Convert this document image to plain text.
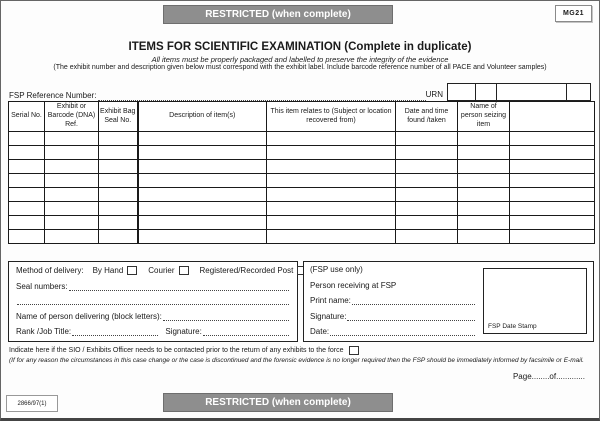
RESTRICTED (when complete)	MG21
ITEMS FOR SCIENTIFIC EXAMINATION (Complete in duplicate)
All items must be properly packaged and labelled to preserve the integrity of the evidence
(The exhibit number and description given below must correspond with the exhibit label. Include barcode reference number of all PACE and Volunteer samples)
FSP Reference Number:	URN
Serial No.	Exhibit or Barcode (DNA) Ref.	Exhibit Bag Seal No.	Description of item(s)	This item relates to (Subject or location recovered from)	Date and time found /taken	Name of person seizing item	

Method of delivery: By Hand	Courier	Registered/Recorded Post
Seal numbers:
Name of person delivering (block letters):
Rank /Job Title:	Signature:
(FSP use only)
Person receiving at FSP
Print name:
Signature:
Date:
FSP Date Stamp
Indicate here if the SIO / Exhibits Officer needs to be contacted prior to the return of any exhibits to the force
(If for any reason the circumstances in this case change or the case is discontinued and the forensic evidence is no longer required then the FSP should be immediately informed by facsimile or E-mail.
Page........of.............
2866/97(1)	RESTRICTED (when complete)
